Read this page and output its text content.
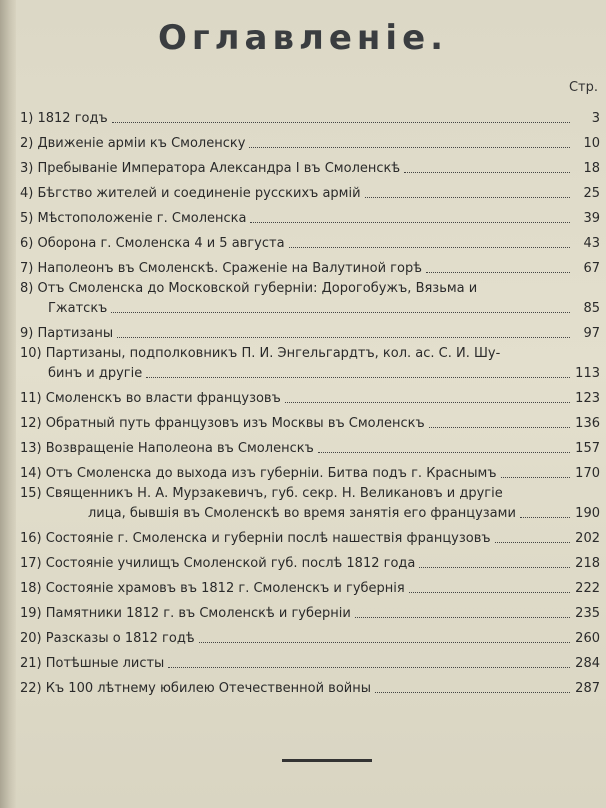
Оглавленіе.
Стр.
1) 1812 годъ	3
2) Движеніе арміи къ Смоленску	10
3) Пребываніе Императора Александра I въ Смоленскѣ	18
4) Бѣгство жителей и соединеніе русскихъ армій	25
5) Мѣстоположеніе г. Смоленска	39
6) Оборона г. Смоленска 4 и 5 августа	43
7) Наполеонъ въ Смоленскѣ. Сраженіе на Валутиной горѣ	67
8) Отъ Смоленска до Московской губерніи: Дорогобужъ, Вязьма и
Гжатскъ	85
9) Партизаны	97
10) Партизаны, подполковникъ П. И. Энгельгардтъ, кол. ас. С. И. Шу-
бинъ и другіе	113
11) Смоленскъ во власти французовъ	123
12) Обратный путь французовъ изъ Москвы въ Смоленскъ	136
13) Возвращеніе Наполеона въ Смоленскъ	157
14) Отъ Смоленска до выхода изъ губерніи. Битва подъ г. Краснымъ	170
15) Священникъ Н. А. Мурзакевичъ, губ. секр. Н. Великановъ и другіе
лица, бывшія въ Смоленскѣ во время занятія его французами	190
16) Состояніе г. Смоленска и губерніи послѣ нашествія французовъ	202
17) Состояніе училищъ Смоленской губ. послѣ 1812 года	218
18) Состояніе храмовъ въ 1812 г. Смоленскъ и губернія	222
19) Памятники 1812 г. въ Смоленскѣ и губерніи	235
20) Разсказы о 1812 годѣ	260
21) Потѣшные листы	284
22) Къ 100 лѣтнему юбилею Отечественной войны	287
